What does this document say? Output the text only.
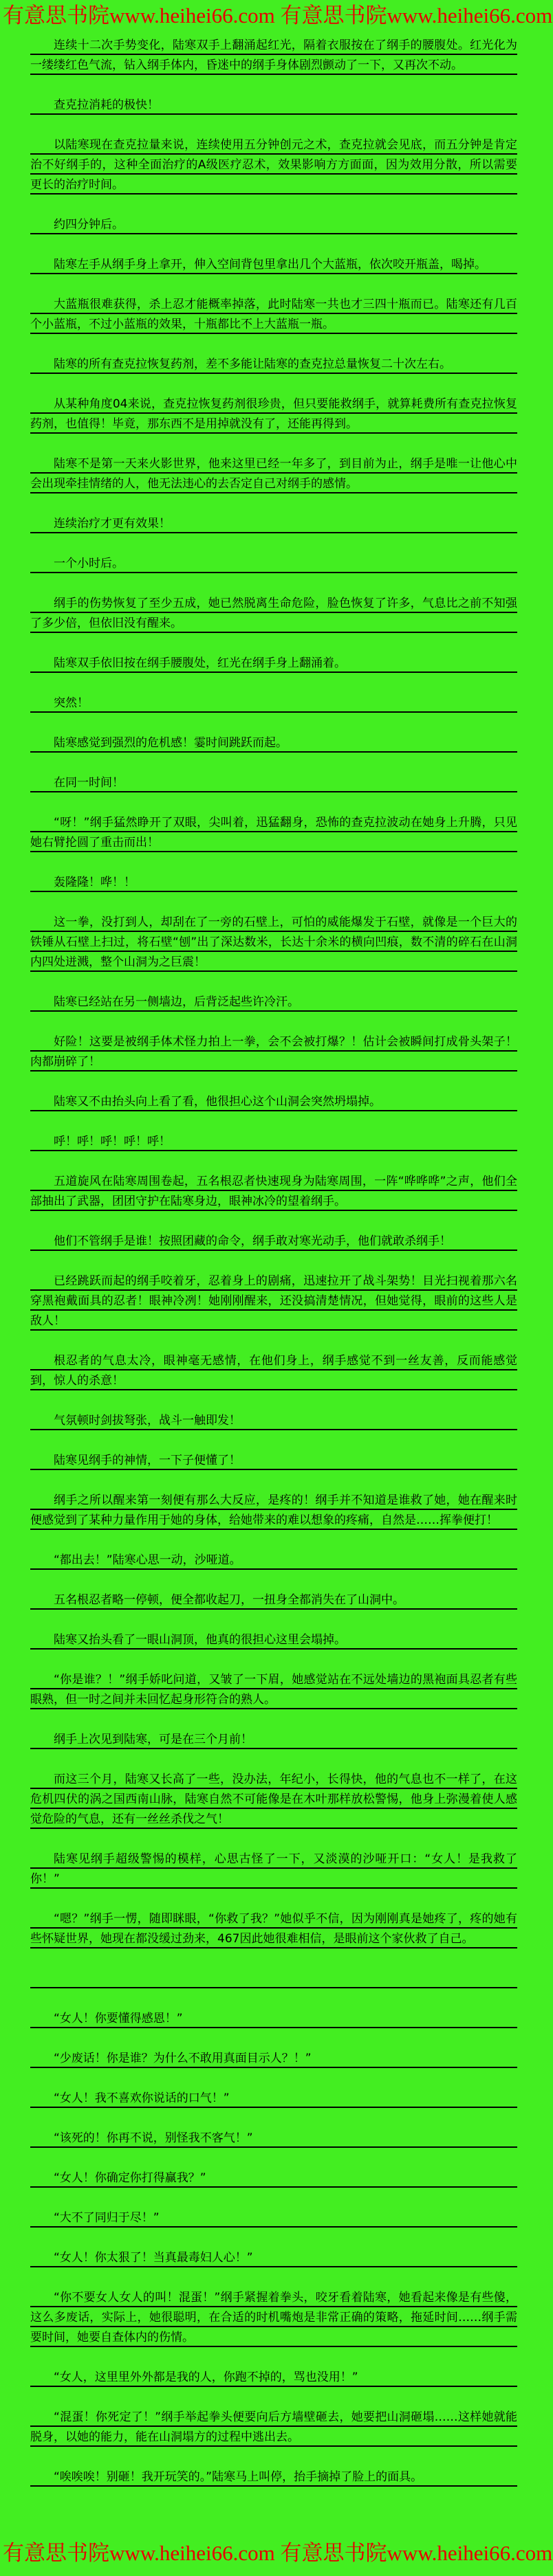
有意思书院www.heihei66.com 有意思书院www.heihei66.com
连续十二次手势变化，陆寒双手上翻涌起红光，隔着衣服按在了纲手的腰腹处。红光化为一缕缕红色气流，钻入纲手体内，昏迷中的纲手身体剧烈颤动了一下，又再次不动。
查克拉消耗的极快！
以陆寒现在查克拉量来说，连续使用五分钟创元之术，查克拉就会见底，而五分钟是肯定治不好纲手的，这种全面治疗的A级医疗忍术，效果影响方方面面，因为效用分散，所以需要更长的治疗时间。
约四分钟后。
陆寒左手从纲手身上拿开，伸入空间背包里拿出几个大蓝瓶，依次咬开瓶盖，喝掉。
大蓝瓶很难获得，杀上忍才能概率掉落，此时陆寒一共也才三四十瓶而已。陆寒还有几百个小蓝瓶，不过小蓝瓶的效果，十瓶都比不上大蓝瓶一瓶。
陆寒的所有查克拉恢复药剂，差不多能让陆寒的查克拉总量恢复二十次左右。
从某种角度04来说，查克拉恢复药剂很珍贵，但只要能救纲手，就算耗费所有查克拉恢复药剂，也值得！毕竟，那东西不是用掉就没有了，还能再得到。
陆寒不是第一天来火影世界，他来这里已经一年多了，到目前为止，纲手是唯一让他心中会出现牵挂情绪的人，他无法违心的去否定自己对纲手的感情。
连续治疗才更有效果！
一个小时后。
纲手的伤势恢复了至少五成，她已然脱离生命危险，脸色恢复了许多，气息比之前不知强了多少倍，但依旧没有醒来。
陆寒双手依旧按在纲手腰腹处，红光在纲手身上翻涌着。
突然！
陆寒感觉到强烈的危机感！霎时间跳跃而起。
在同一时间！
“呀！”纲手猛然睁开了双眼，尖叫着，迅猛翻身，恐怖的查克拉波动在她身上升腾，只见她右臂抡圆了重击而出！
轰隆隆！哗！！
这一拳，没打到人，却刮在了一旁的石壁上，可怕的威能爆发于石壁，就像是一个巨大的铁锤从石壁上扫过，将石壁“刨”出了深达数米，长达十余米的横向凹痕，数不清的碎石在山洞内四处迸溅，整个山洞为之巨震！
陆寒已经站在另一侧墙边，后背泛起些许冷汗。
好险！这要是被纲手体术怪力拍上一拳，会不会被打爆？！估计会被瞬间打成骨头架子！肉都崩碎了！
陆寒又不由抬头向上看了看，他很担心这个山洞会突然坍塌掉。
呼！呼！呼！呼！呼！
五道旋风在陆寒周围卷起，五名根忍者快速现身为陆寒周围，一阵“哗哗哗”之声，他们全部抽出了武器，团团守护在陆寒身边，眼神冰冷的望着纲手。
他们不管纲手是谁！按照团藏的命令，纲手敢对寒光动手，他们就敢杀纲手！
已经跳跃而起的纲手咬着牙，忍着身上的剧痛，迅速拉开了战斗架势！目光扫视着那六名穿黑袍戴面具的忍者！眼神冷冽！她刚刚醒来，还没搞清楚情况，但她觉得，眼前的这些人是敌人！
根忍者的气息太冷，眼神毫无感情，在他们身上，纲手感觉不到一丝友善，反而能感觉到，惊人的杀意！
气氛顿时剑拔弩张，战斗一触即发！
陆寒见纲手的神情，一下子便懂了！
纲手之所以醒来第一刻便有那么大反应，是疼的！纲手并不知道是谁救了她，她在醒来时便感觉到了某种力量作用于她的身体，给她带来的难以想象的疼痛，自然是……挥拳便打！
“都出去！”陆寒心思一动，沙哑道。
五名根忍者略一停顿，便全都收起刀，一扭身全都消失在了山洞中。
陆寒又抬头看了一眼山洞顶，他真的很担心这里会塌掉。
“你是谁？！”纲手娇叱问道，又皱了一下眉，她感觉站在不远处墙边的黑袍面具忍者有些眼熟，但一时之间并未回忆起身形符合的熟人。
纲手上次见到陆寒，可是在三个月前！
而这三个月，陆寒又长高了一些，没办法，年纪小，长得快，他的气息也不一样了，在这危机四伏的涡之国西南山脉，陆寒自然不可能像是在木叶那样放松警惕，他身上弥漫着使人感觉危险的气息，还有一丝丝杀伐之气！
陆寒见纲手超级警惕的模样，心思古怪了一下，又淡漠的沙哑开口：“女人！是我救了你！”
“嗯？”纲手一愣，随即眯眼，“你救了我？”她似乎不信，因为刚刚真是她疼了，疼的她有些怀疑世界，她现在都没缓过劲来，467因此她很难相信，是眼前这个家伙救了自己。
“女人！你要懂得感恩！”
“少废话！你是谁？为什么不敢用真面目示人？！”
“女人！我不喜欢你说话的口气！”
“该死的！你再不说，别怪我不客气！”
“女人！你确定你打得赢我？”
“大不了同归于尽！”
“女人！你太狠了！当真最毒妇人心！”
“你不要女人女人的叫！混蛋！”纲手紧握着拳头，咬牙看着陆寒，她看起来像是有些傻，这么多废话，实际上，她很聪明，在合适的时机嘴炮是非常正确的策略，拖延时间……纲手需要时间，她要自查体内的伤情。
“女人，这里里外外都是我的人，你跑不掉的，骂也没用！”
“混蛋！你死定了！”纲手举起拳头便要向后方墙壁砸去，她要把山洞砸塌……这样她就能脱身，以她的能力，能在山洞塌方的过程中逃出去。
“唉唉唉！别砸！我开玩笑的。”陆寒马上叫停，抬手摘掉了脸上的面具。
有意思书院www.heihei66.com 有意思书院www.heihei66.com
